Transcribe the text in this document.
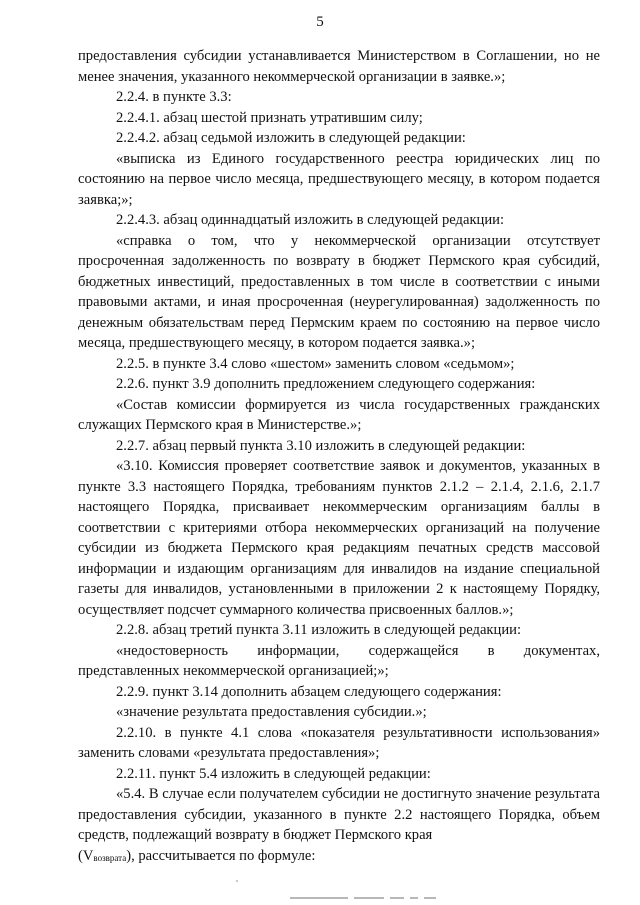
5

предоставления субсидии устанавливается Министерством в Соглашении, но не менее значения, указанного некоммерческой организации в заявке.»;

2.2.4. в пункте 3.3:

2.2.4.1. абзац шестой признать утратившим силу;

2.2.4.2. абзац седьмой изложить в следующей редакции:

«выписка из Единого государственного реестра юридических лиц по состоянию на первое число месяца, предшествующего месяцу, в котором подается заявка;»;

2.2.4.3. абзац одиннадцатый изложить в следующей редакции:

«справка о том, что у некоммерческой организации отсутствует просроченная задолженность по возврату в бюджет Пермского края субсидий, бюджетных инвестиций, предоставленных в том числе в соответствии с иными правовыми актами, и иная просроченная (неурегулированная) задолженность по денежным обязательствам перед Пермским краем по состоянию на первое число месяца, предшествующего месяцу, в котором подается заявка.»;

2.2.5. в пункте 3.4 слово «шестом» заменить словом «седьмом»;

2.2.6. пункт 3.9 дополнить предложением следующего содержания:

«Состав комиссии формируется из числа государственных гражданских служащих Пермского края в Министерстве.»;

2.2.7. абзац первый пункта 3.10 изложить в следующей редакции:

«3.10. Комиссия проверяет соответствие заявок и документов, указанных в пункте 3.3 настоящего Порядка, требованиям пунктов 2.1.2 – 2.1.4, 2.1.6, 2.1.7 настоящего Порядка, присваивает некоммерческим организациям баллы в соответствии с критериями отбора некоммерческих организаций на получение субсидии из бюджета Пермского края редакциям печатных средств массовой информации и издающим организациям для инвалидов на издание специальной газеты для инвалидов, установленными в приложении 2 к настоящему Порядку, осуществляет подсчет суммарного количества присвоенных баллов.»;

2.2.8. абзац третий пункта 3.11 изложить в следующей редакции:

«недостоверность информации, содержащейся в документах, представленных некоммерческой организацией;»;

2.2.9. пункт 3.14 дополнить абзацем следующего содержания:

«значение результата предоставления субсидии.»;

2.2.10. в пункте 4.1 слова «показателя результативности использования» заменить словами «результата предоставления»;

2.2.11. пункт 5.4 изложить в следующей редакции:

«5.4. В случае если получателем субсидии не достигнуто значение результата предоставления субсидии, указанного в пункте 2.2 настоящего Порядка, объем средств, подлежащий возврату в бюджет Пермского края

(Vвозврата), рассчитывается по формуле:
